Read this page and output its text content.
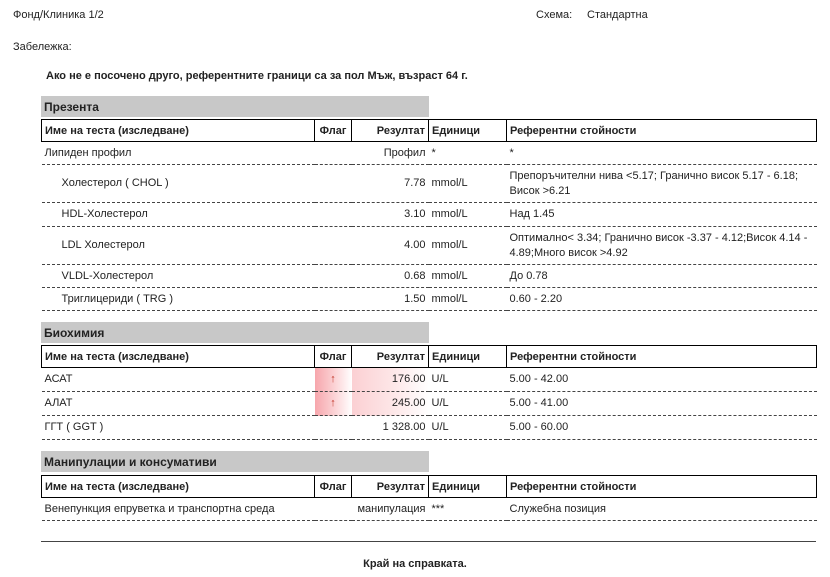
Фонд/Клиника 1/2	Схема: Стандартна
Забележка:
Ако не е посочено друго, референтните граници са за пол Мъж, възраст 64 г.
Презента
Име на теста (изследване)	Флаг	Резултат	Единици	Референтни стойности
Липиден профил		Профил	*	*
Холестерол ( CHOL )		7.78	mmol/L	Препоръчителни нива <5.17; Гранично висок 5.17 - 6.18; Висок >6.21
HDL-Холестерол		3.10	mmol/L	Над 1.45
LDL Холестерол		4.00	mmol/L	Оптимално< 3.34; Гранично висок -3.37 - 4.12;Висок 4.14 - 4.89;Много висок >4.92
VLDL-Холестерол		0.68	mmol/L	До 0.78
Триглицериди ( TRG )		1.50	mmol/L	0.60 - 2.20
Биохимия
Име на теста (изследване)	Флаг	Резултат	Единици	Референтни стойности
АСАТ	↑	176.00	U/L	5.00 - 42.00
АЛАТ	↑	245.00	U/L	5.00 - 41.00
ГГТ ( GGT )		1 328.00	U/L	5.00 - 60.00
Манипулации и консумативи
Име на теста (изследване)	Флаг	Резултат	Единици	Референтни стойности
Венепункция епруветка и транспортна среда		манипулация	***	Служебна позиция
Край на справката.
